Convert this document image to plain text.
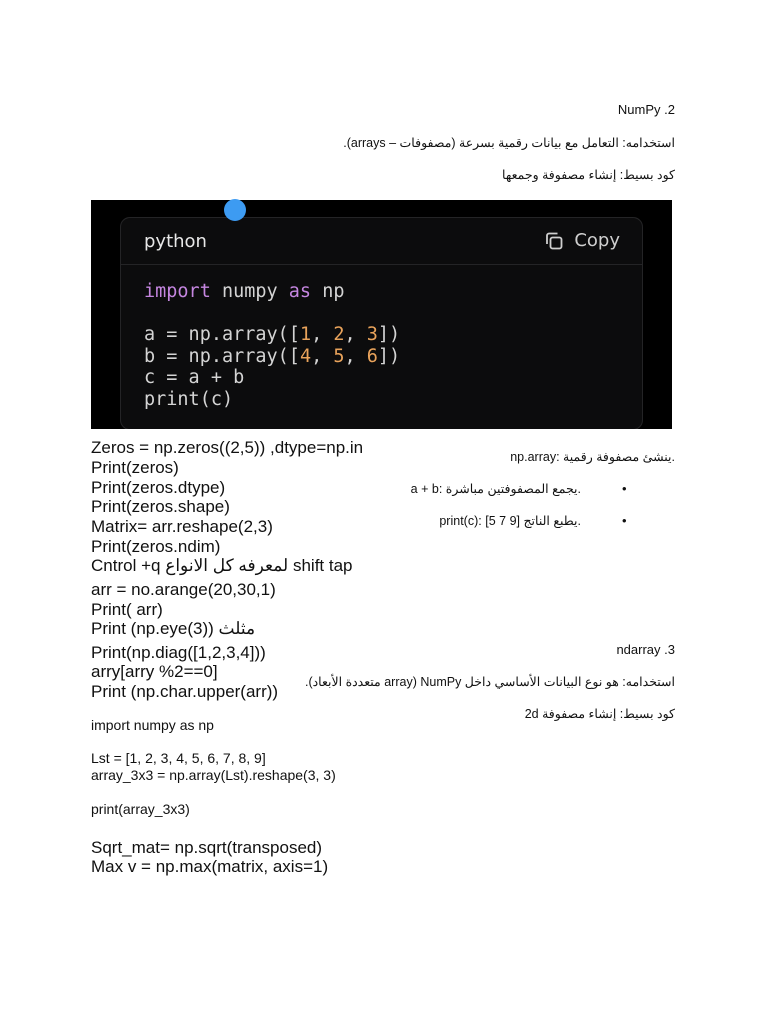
NumPy .2
استخدامه: التعامل مع بيانات رقمية بسرعة (مصفوفات – arrays).
كود بسيط: إنشاء مصفوفة وجمعها
python	Copy
import numpy as np

a = np.array([1, 2, 3])
b = np.array([4, 5, 6])
c = a + b
print(c)
np.array: ينشئ مصفوفة رقمية.
a + b: يجمع المصفوفتين مباشرة.	•
print(c): يطبع الناتج [9 7 5].	•
Zeros = np.zeros((2,5)) ,dtype=np.in
Print(zeros)
Print(zeros.dtype)
Print(zeros.shape)
Matrix= arr.reshape(2,3)
Print(zeros.ndim)
Cntrol +q لمعرفه كل الانواع shift tap
arr = no.arange(20,30,1)
Print( arr)
Print (np.eye(3)) مثلث
Print(np.diag([1,2,3,4]))
arry[arry %2==0]
Print (np.char.upper(arr))
ndarray .3
استخدامه: هو نوع البيانات الأساسي داخل NumPy (array متعددة الأبعاد).
كود بسيط: إنشاء مصفوفة 2d
import numpy as np
Lst = [1, 2, 3, 4, 5, 6, 7, 8, 9]
array_3x3 = np.array(Lst).reshape(3, 3)
print(array_3x3)
Sqrt_mat= np.sqrt(transposed)
Max v = np.max(matrix, axis=1)
